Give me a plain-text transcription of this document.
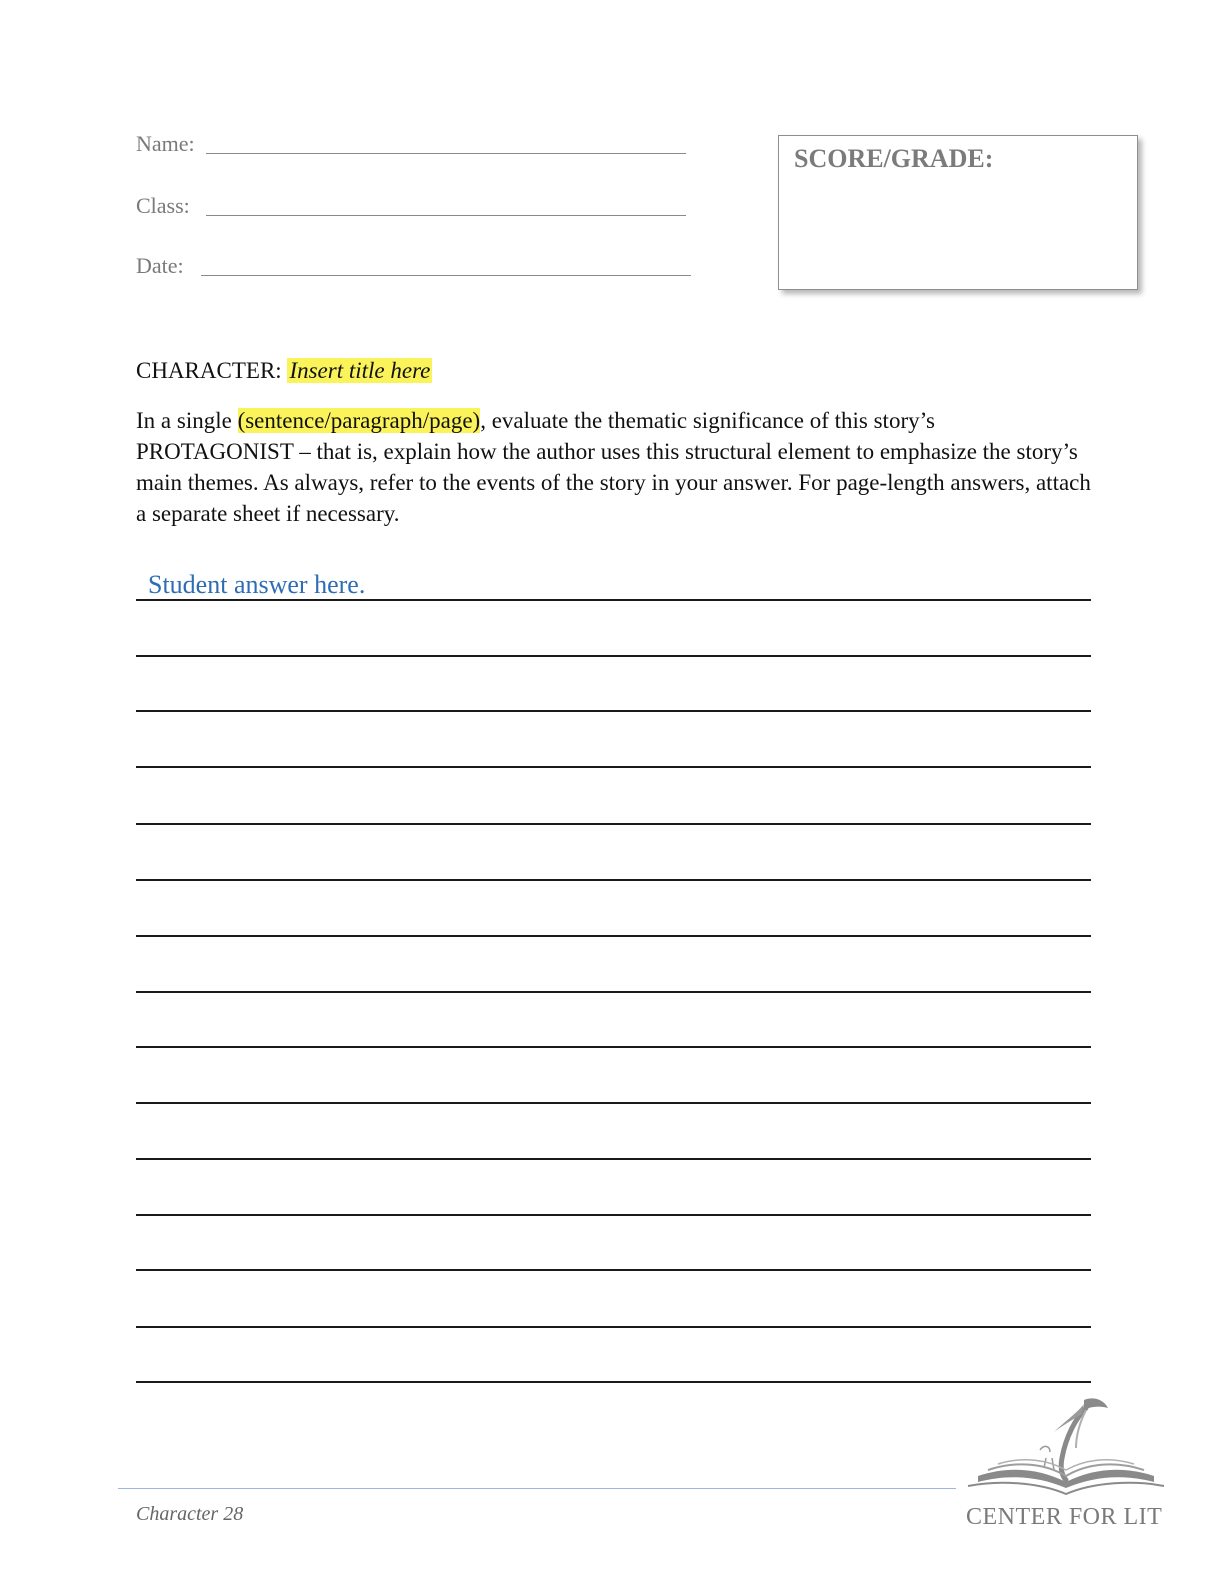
Name:
Class:
Date:
SCORE/GRADE:
CHARACTER: Insert title here
In a single (sentence/paragraph/page), evaluate the thematic significance of this story’s PROTAGONIST – that is, explain how the author uses this structural element to emphasize the story’s main themes. As always, refer to the events of the story in your answer. For page-length answers, attach a separate sheet if necessary.
Student answer here.
Character 28	CENTER FOR LIT
